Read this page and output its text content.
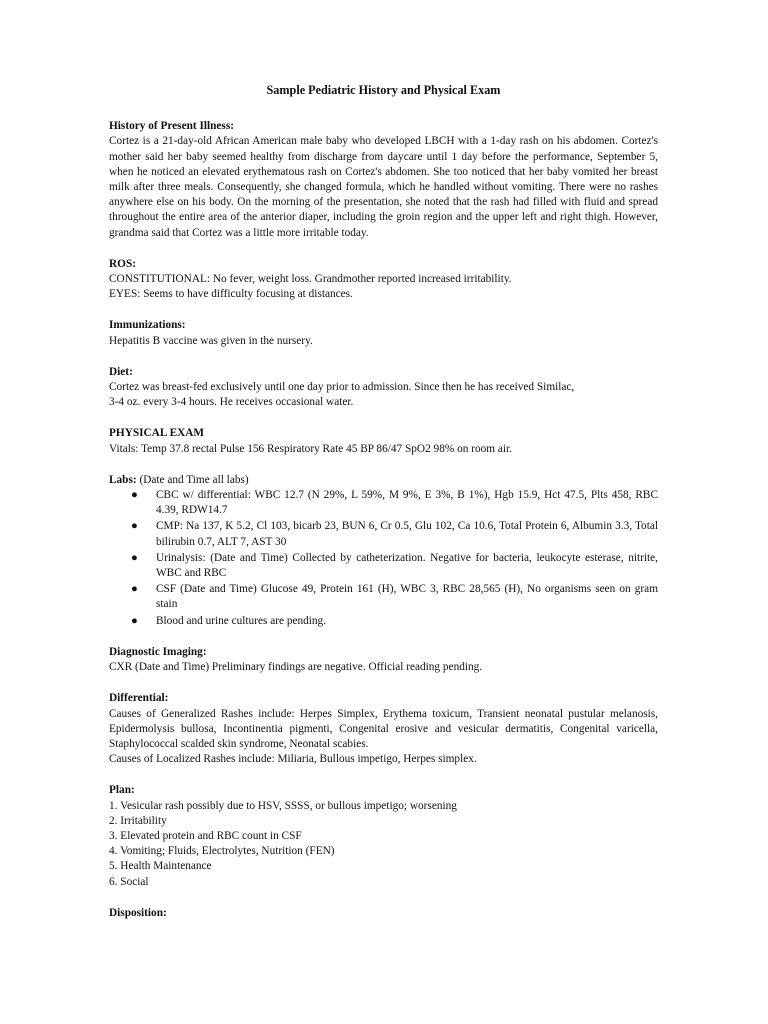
Sample Pediatric History and Physical Exam

History of Present Illness:

Cortez is a 21-day-old African American male baby who developed LBCH with a 1-day rash on his abdomen. Cortez's mother said her baby seemed healthy from discharge from daycare until 1 day before the performance, September 5, when he noticed an elevated erythematous rash on Cortez's abdomen. She too noticed that her baby vomited her breast milk after three meals. Consequently, she changed formula, which he handled without vomiting. There were no rashes anywhere else on his body. On the morning of the presentation, she noted that the rash had filled with fluid and spread throughout the entire area of the anterior diaper, including the groin region and the upper left and right thigh. However, grandma said that Cortez was a little more irritable today.

ROS:

CONSTITUTIONAL: No fever, weight loss. Grandmother reported increased irritability.

EYES: Seems to have difficulty focusing at distances.

Immunizations:

Hepatitis B vaccine was given in the nursery.

Diet:

Cortez was breast-fed exclusively until one day prior to admission. Since then he has received Similac,

3-4 oz. every 3-4 hours. He receives occasional water.

PHYSICAL EXAM

Vitals: Temp 37.8 rectal Pulse 156 Respiratory Rate 45 BP 86/47 SpO2 98% on room air.

Labs: (Date and Time all labs)

● CBC w/ differential: WBC 12.7 (N 29%, L 59%, M 9%, E 3%, B 1%), Hgb 15.9, Hct 47.5, Plts 458, RBC 4.39, RDW14.7
● CMP: Na 137, K 5.2, Cl 103, bicarb 23, BUN 6, Cr 0.5, Glu 102, Ca 10.6, Total Protein 6, Albumin 3.3, Total bilirubin 0.7, ALT 7, AST 30
● Urinalysis: (Date and Time) Collected by catheterization. Negative for bacteria, leukocyte esterase, nitrite, WBC and RBC
● CSF (Date and Time) Glucose 49, Protein 161 (H), WBC 3, RBC 28,565 (H), No organisms seen on gram stain
● Blood and urine cultures are pending.

Diagnostic Imaging:

CXR (Date and Time) Preliminary findings are negative. Official reading pending.

Differential:

Causes of Generalized Rashes include: Herpes Simplex, Erythema toxicum, Transient neonatal pustular melanosis, Epidermolysis bullosa, Incontinentia pigmenti, Congenital erosive and vesicular dermatitis, Congenital varicella, Staphylococcal scalded skin syndrome, Neonatal scabies.

Causes of Localized Rashes include: Miliaria, Bullous impetigo, Herpes simplex.

Plan:

1. Vesicular rash possibly due to HSV, SSSS, or bullous impetigo; worsening

2. Irritability

3. Elevated protein and RBC count in CSF

4. Vomiting; Fluids, Electrolytes, Nutrition (FEN)

5. Health Maintenance

6. Social

Disposition:
